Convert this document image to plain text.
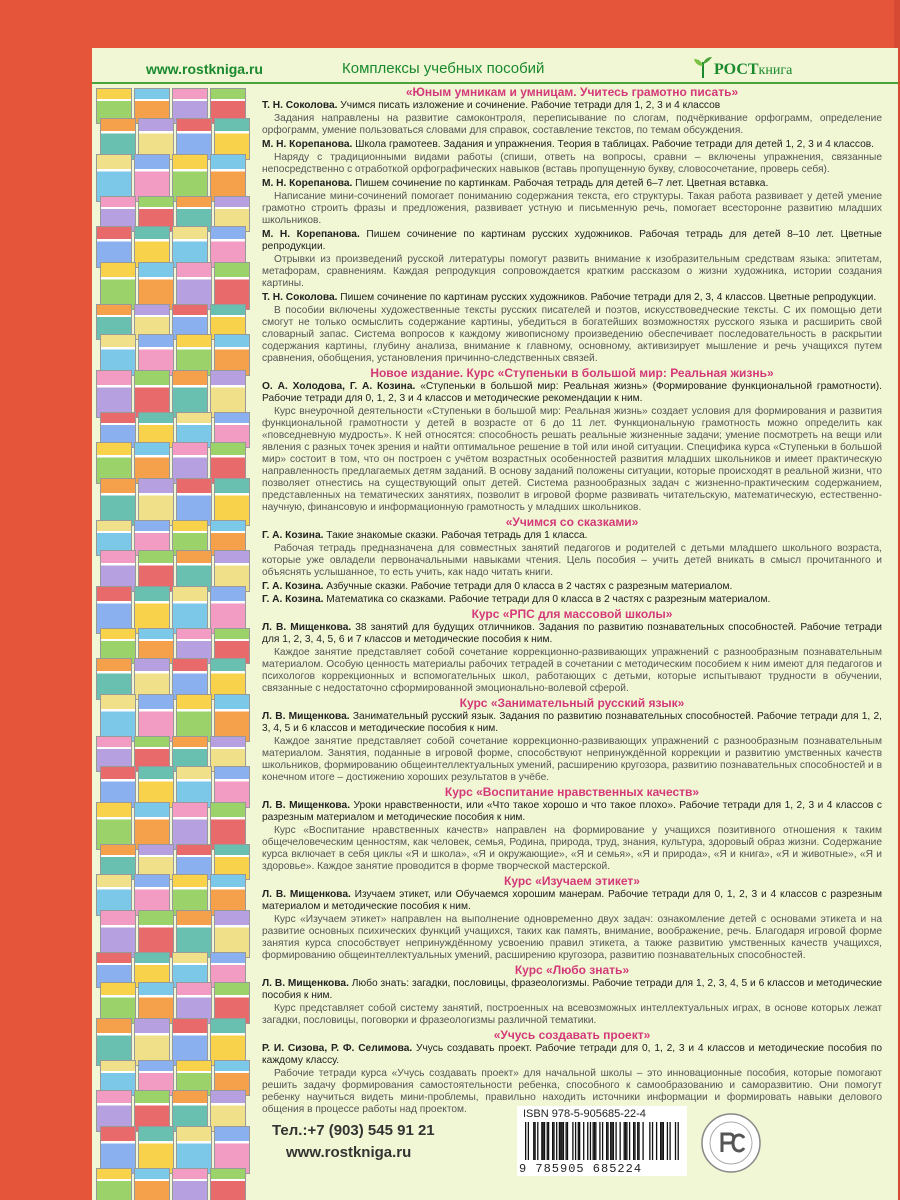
www.rostkniga.ru	Комплексы учебных пособий	РОСТкнига
«Юным умникам и умницам. Учитесь грамотно писать»
Т. Н. Соколова. Учимся писать изложение и сочинение. Рабочие тетради для 1, 2, 3 и 4 классов
Задания направлены на развитие самоконтроля, переписывание по слогам, подчёркивание орфограмм, определение орфограмм, умение пользоваться словами для справок, составление текстов, по темам обсуждения.
М. Н. Корепанова. Школа грамотеев. Задания и упражнения. Теория в таблицах. Рабочие тетради для детей 1, 2, 3 и 4 классов.
Наряду с традиционными видами работы (спиши, ответь на вопросы, сравни – включены упражнения, связанные непосредственно с отработкой орфографических навыков (вставь пропущенную букву, словосочетание, проверь себя).
М. Н. Корепанова. Пишем сочинение по картинкам. Рабочая тетрадь для детей 6–7 лет. Цветная вставка.
Написание мини-сочинений помогает пониманию содержания текста, его структуры. Такая работа развивает у детей умение грамотно строить фразы и предложения, развивает устную и письменную речь, помогает всесторонне развитию младших школьников.
М. Н. Корепанова. Пишем сочинение по картинам русских художников. Рабочая тетрадь для детей 8–10 лет. Цветные репродукции.
Отрывки из произведений русской литературы помогут развить внимание к изобразительным средствам языка: эпитетам, метафорам, сравнениям. Каждая репродукция сопровождается кратким рассказом о жизни художника, истории создания картины.
Т. Н. Соколова. Пишем сочинение по картинам русских художников. Рабочие тетради для 2, 3, 4 классов. Цветные репродукции.
В пособии включены художественные тексты русских писателей и поэтов, искусствоведческие тексты. С их помощью дети смогут не только осмыслить содержание картины, убедиться в богатейших возможностях русского языка и расширить свой словарный запас. Система вопросов к каждому живописному произведению обеспечивает последовательность в раскрытии содержания картины, глубину анализа, внимание к главному, основному, активизирует мышление и речь учащихся путем сравнения, обобщения, установления причинно-следственных связей.
Новое издание. Курс «Ступеньки в большой мир: Реальная жизнь»
О. А. Холодова, Г. А. Козина. «Ступеньки в большой мир: Реальная жизнь» (Формирование функциональной грамотности). Рабочие тетради для 0, 1, 2, 3 и 4 классов и методические рекомендации к ним.
Курс внеурочной деятельности «Ступеньки в большой мир: Реальная жизнь» создает условия для формирования и развития функциональной грамотности у детей в возрасте от 6 до 11 лет. Функциональную грамотность можно определить как «повседневную мудрость». К ней относятся: способность решать реальные жизненные задачи; умение посмотреть на вещи или явления с разных точек зрения и найти оптимальное решение в той или иной ситуации. Специфика курса «Ступеньки в большой мир» состоит в том, что он построен с учётом возрастных особенностей развития младших школьников и имеет практическую направленность предлагаемых детям заданий. В основу заданий положены ситуации, которые происходят в реальной жизни, что позволяет отнестись на существующий опыт детей. Система разнообразных задач с жизненно-практическим содержанием, представленных на тематических занятиях, позволит в игровой форме развивать читательскую, математическую, естественно-научную, финансовую и информационную грамотность у младших школьников.
«Учимся со сказками»
Г. А. Козина. Такие знакомые сказки. Рабочая тетрадь для 1 класса.
Рабочая тетрадь предназначена для совместных занятий педагогов и родителей с детьми младшего школьного возраста, которые уже овладели первоначальными навыками чтения. Цель пособия – учить детей вникать в смысл прочитанного и объяснять услышанное, то есть учить, как надо читать книги.
Г. А. Козина. Азбучные сказки. Рабочие тетради для 0 класса в 2 частях с разрезным материалом.
Г. А. Козина. Математика со сказками. Рабочие тетради для 0 класса в 2 частях с разрезным материалом.
Курс «РПС для массовой школы»
Л. В. Мищенкова. 38 занятий для будущих отличников. Задания по развитию познавательных способностей. Рабочие тетради для 1, 2, 3, 4, 5, 6 и 7 классов и методические пособия к ним.
Каждое занятие представляет собой сочетание коррекционно-развивающих упражнений с разнообразным познавательным материалом. Особую ценность материалы рабочих тетрадей в сочетании с методическим пособием к ним имеют для педагогов и психологов коррекционных и вспомогательных школ, работающих с детьми, которые испытывают трудности в обучении, связанные с недостаточно сформированной эмоционально-волевой сферой.
Курс «Занимательный русский язык»
Л. В. Мищенкова. Занимательный русский язык. Задания по развитию познавательных способностей. Рабочие тетради для 1, 2, 3, 4, 5 и 6 классов и методические пособия к ним.
Каждое занятие представляет собой сочетание коррекционно-развивающих упражнений с разнообразным познавательным материалом. Занятия, поданные в игровой форме, способствуют непринуждённой коррекции и развитию умственных качеств школьников, формированию общеинтеллектуальных умений, расширению кругозора, развитию познавательных способностей и в конечном итоге – достижению хороших результатов в учёбе.
Курс «Воспитание нравственных качеств»
Л. В. Мищенкова. Уроки нравственности, или «Что такое хорошо и что такое плохо». Рабочие тетради для 1, 2, 3 и 4 классов с разрезным материалом и методические пособия к ним.
Курс «Воспитание нравственных качеств» направлен на формирование у учащихся позитивного отношения к таким общечеловеческим ценностям, как человек, семья, Родина, природа, труд, знания, культура, здоровый образ жизни. Содержание курса включает в себя циклы «Я и школа», «Я и окружающие», «Я и семья», «Я и природа», «Я и книга», «Я и животные», «Я и здоровье». Каждое занятие проводится в форме творческой мастерской.
Курс «Изучаем этикет»
Л. В. Мищенкова. Изучаем этикет, или Обучаемся хорошим манерам. Рабочие тетради для 0, 1, 2, 3 и 4 классов с разрезным материалом и методические пособия к ним.
Курс «Изучаем этикет» направлен на выполнение одновременно двух задач: ознакомление детей с основами этикета и на развитие основных психических функций учащихся, таких как память, внимание, воображение, речь. Благодаря игровой форме занятия курса способствует непринуждённому усвоению правил этикета, а также развитию умственных качеств учащихся, формированию общеинтеллектуальных умений, расширению кругозора, развитию познавательных способностей.
Курс «Любо знать»
Л. В. Мищенкова. Любо знать: загадки, пословицы, фразеологизмы. Рабочие тетради для 1, 2, 3, 4, 5 и 6 классов и методические пособия к ним.
Курс представляет собой систему занятий, построенных на всевозможных интеллектуальных играх, в основе которых лежат загадки, пословицы, поговорки и фразеологизмы различной тематики.
«Учусь создавать проект»
Р. И. Сизова, Р. Ф. Селимова. Учусь создавать проект. Рабочие тетради для 0, 1, 2, 3 и 4 классов и методические пособия по каждому классу.
Рабочие тетради курса «Учусь создавать проект» для начальной школы – это инновационные пособия, которые помогают решить задачу формирования самостоятельности ребенка, способного к самообразованию и саморазвитию. Они помогут ребенку научиться видеть мини-проблемы, правильно находить источники информации и формировать навыки делового общения в процессе работы над проектом.
Тел.:+7 (903) 545 91 21
www.rostkniga.ru
ISBN 978-5-905685-22-4
9 785905 685224
